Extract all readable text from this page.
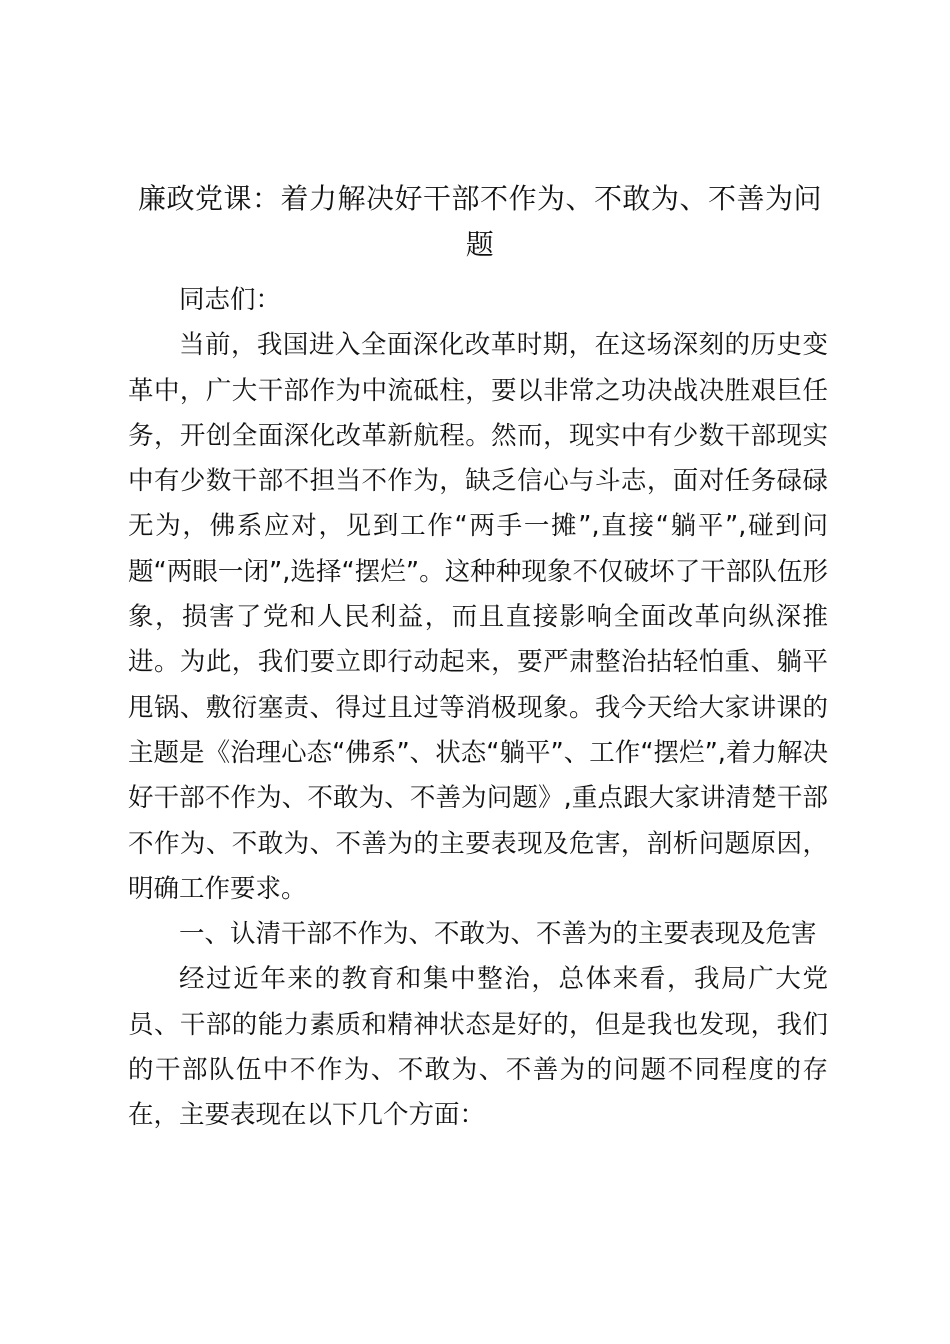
廉政党课：着力解决好干部不作为、不敢为、不善为问题

同志们：

当前，我国进入全面深化改革时期，在这场深刻的历史变革中，广大干部作为中流砥柱，要以非常之功决战决胜艰巨任务，开创全面深化改革新航程。然而，现实中有少数干部现实中有少数干部不担当不作为，缺乏信心与斗志，面对任务碌碌无为，佛系应对，见到工作“两手一摊”,直接“躺平”,碰到问题“两眼一闭”,选择“摆烂”。这种种现象不仅破坏了干部队伍形象，损害了党和人民利益，而且直接影响全面改革向纵深推进。为此，我们要立即行动起来，要严肃整治拈轻怕重、躺平甩锅、敷衍塞责、得过且过等消极现象。我今天给大家讲课的主题是《治理心态“佛系”、状态“躺平”、工作“摆烂”,着力解决好干部不作为、不敢为、不善为问题》,重点跟大家讲清楚干部不作为、不敢为、不善为的主要表现及危害，剖析问题原因，明确工作要求。

一、认清干部不作为、不敢为、不善为的主要表现及危害

经过近年来的教育和集中整治，总体来看，我局广大党员、干部的能力素质和精神状态是好的，但是我也发现，我们的干部队伍中不作为、不敢为、不善为的问题不同程度的存在，主要表现在以下几个方面：
